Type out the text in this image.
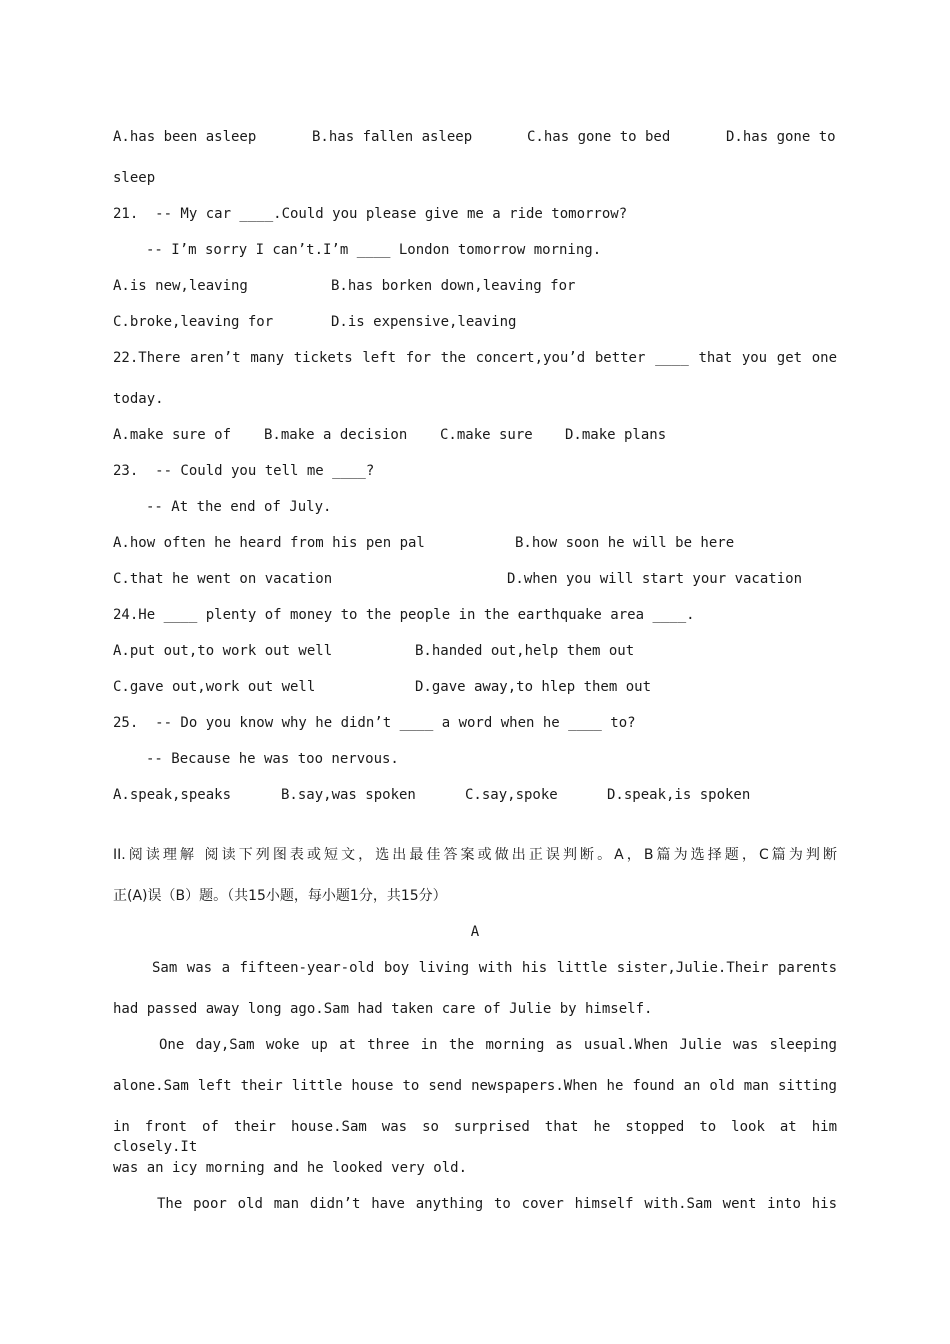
A.has been asleep	B.has fallen asleep	C.has gone to bed	D.has gone to
sleep
21.  -- My car ____.Could you please give me a ride tomorrow?
-- I’m sorry I can’t.I’m ____ London tomorrow morning.
A.is new,leaving	B.has borken down,leaving for
C.broke,leaving for	D.is expensive,leaving
22.There aren’t many tickets left for the concert,you’d better ____ that you get one
today.
A.make sure of B.make a decision C.make sure D.make plans
23.  -- Could you tell me ____?
-- At the end of July.
A.how often he heard from his pen pal	B.how soon he will be here
C.that he went on vacation	D.when you will start your vacation
24.He ____ plenty of money to the people in the earthquake area ____.
A.put out,to work out well	B.handed out,help them out
C.gave out,work out well	D.gave away,to hlep them out
25.  -- Do you know why he didn’t ____ a word when he ____ to?
-- Because he was too nervous.
A.speak,speaks	B.say,was spoken	C.say,spoke	D.speak,is spoken
II.阅读理解 阅读下列图表或短文，选出最佳答案或做出正误判断。A，B篇为选择题，C篇为判断
正(A)误（B）题。（共15小题，每小题1分，共15分）
A
Sam was a fifteen-year-old boy living with his little sister,Julie.Their parents
had passed away long ago.Sam had taken care of Julie by himself.
One day,Sam woke up at three in the morning as usual.When Julie was sleeping
alone.Sam left their little house to send newspapers.When he found an old man sitting
in front of their house.Sam was so surprised that he stopped to look at him closely.It
was an icy morning and he looked very old.
The poor old man didn’t have anything to cover himself with.Sam went into his
